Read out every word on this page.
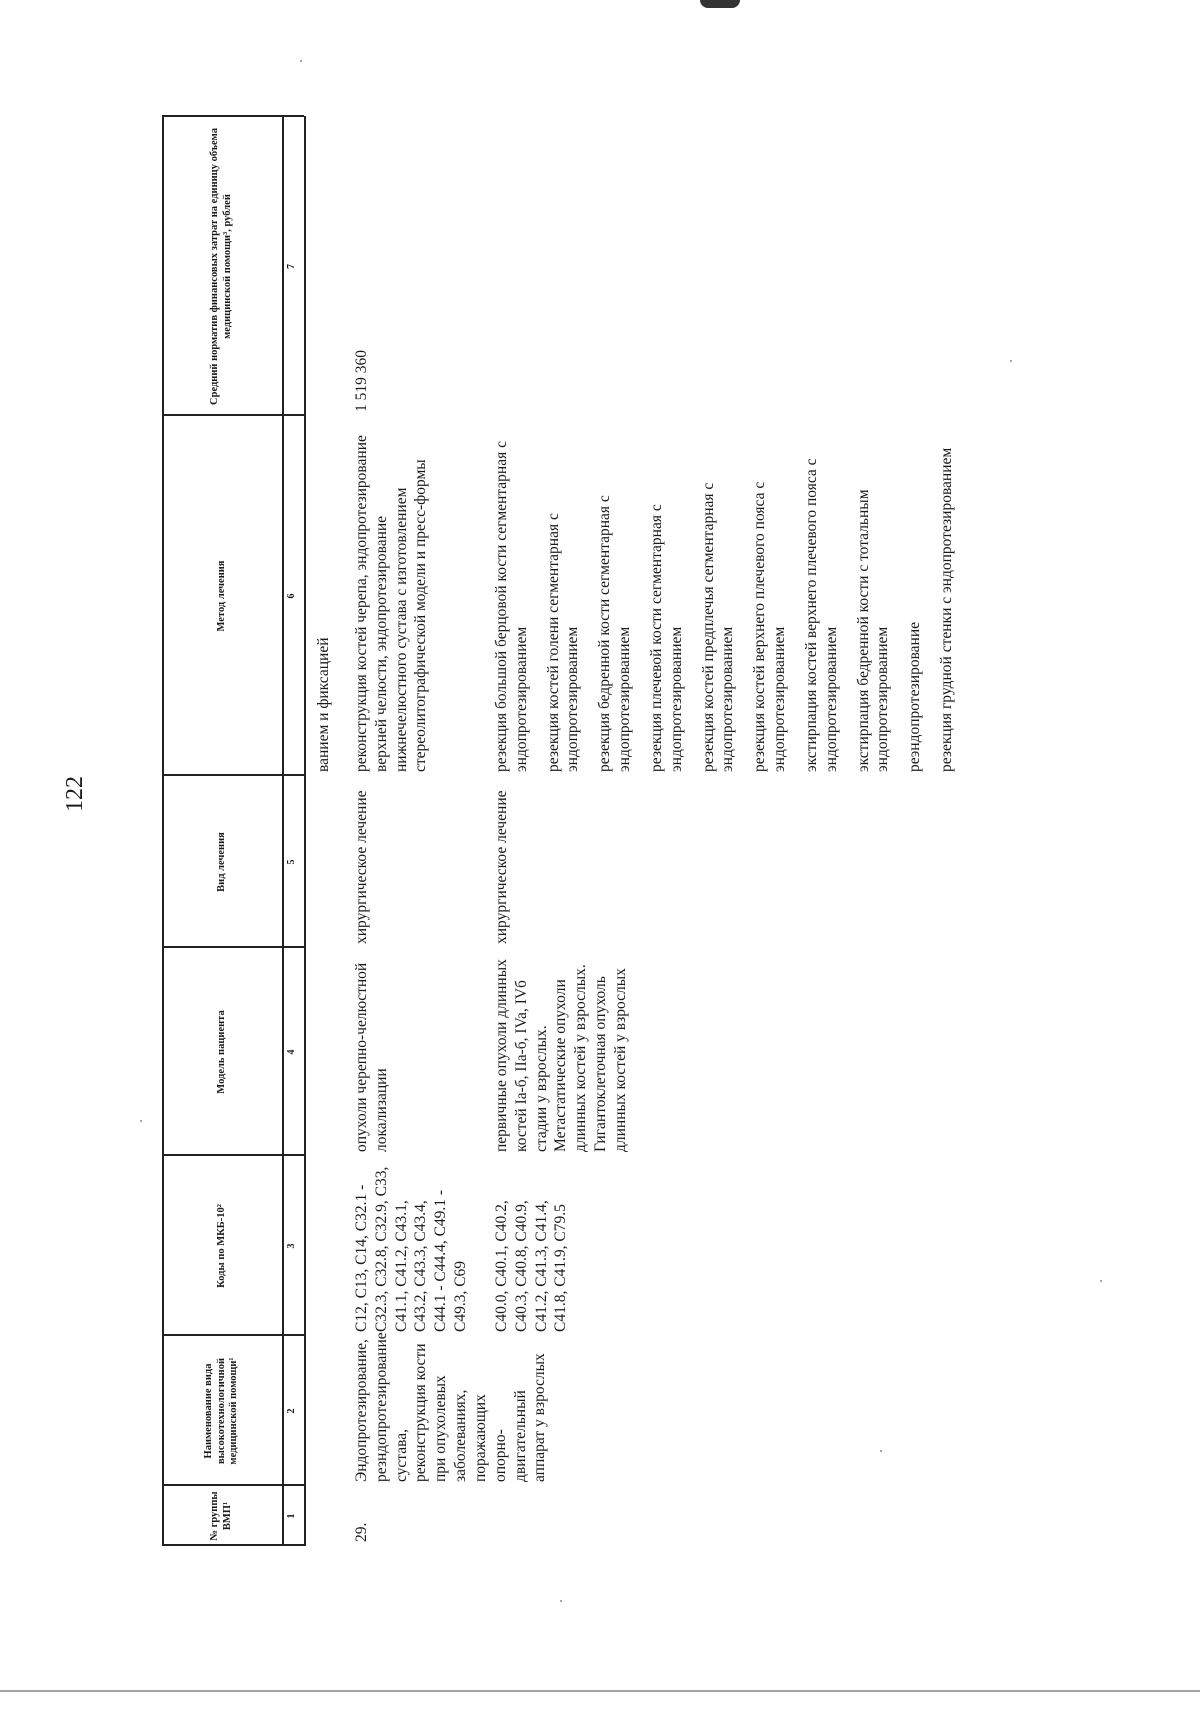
122
№ группы ВМП¹
Наименование вида высокотехнологичной медицинской помощи¹
Коды по МКБ-10²
Модель пациента
Вид лечения
Метод лечения
Средний норматив финансовых затрат на единицу объема медицинской помощи³, рублей
1
2
3
4
5
6
7
ванием и фиксацией
29.
Эндопротезирование, резндопротезирование сустава, реконструкция кости при опухолевых заболеваниях, поражающих опорно-двигательный аппарат у взрослых
1 519 360
C12, C13, C14, C32.1 - C32.3, C32.8, C32.9, C33, C41.1, C41.2, C43.1, C43.2, C43.3, C43.4, C44.1 - C44.4, C49.1 - C49.3, C69
опухоли черепно-челюстной локализации
хирургическое лечение
реконструкция костей черепа, эндопротезирование верхней челюсти, эндопротезирование нижнечелюстного сустава с изготовлением стереолитографической модели и пресс-формы
C40.0, C40.1, C40.2, C40.3, C40.8, C40.9, C41.2, C41.3, C41.4, C41.8, C41.9, C79.5
первичные опухоли длинных костей Ia-б, IIa-б, IVa, IVб стадии у взрослых. Метастатические опухоли длинных костей у взрослых. Гигантоклеточная опухоль длинных костей у взрослых
хирургическое лечение
резекция большой берцовой кости сегментарная с эндопротезированием резекция костей голени сегментарная с эндопротезированием резекция бедренной кости сегментарная с эндопротезированием резекция плечевой кости сегментарная с эндопротезированием резекция костей предплечья сегментарная с эндопротезированием резекция костей верхнего плечевого пояса с эндопротезированием экстирпация костей верхнего плечевого пояса с эндопротезированием экстирпация бедренной кости с тотальным эндопротезированием реэндопротезирование резекция грудной стенки с эндопротезированием
